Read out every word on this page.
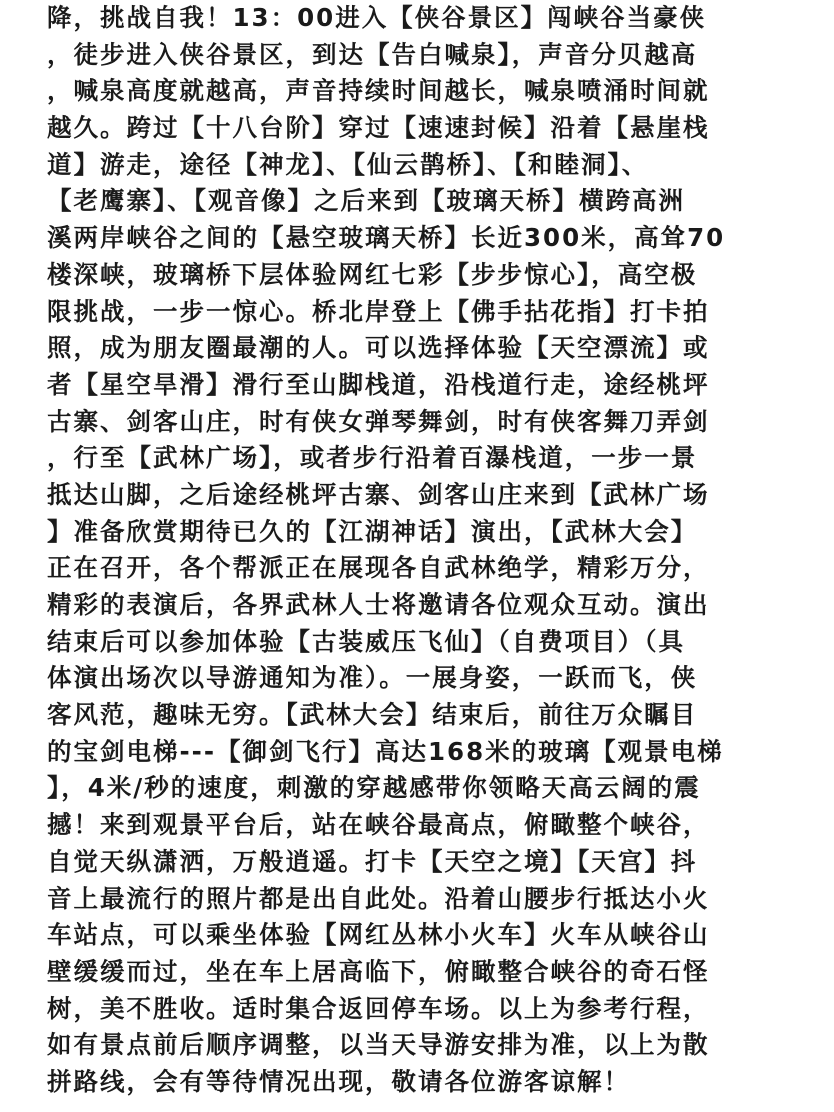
降，挑战自我！13：00进入【侠谷景区】闯峡谷当豪侠
，徒步进入侠谷景区，到达【告白喊泉】，声音分贝越高
，喊泉高度就越高，声音持续时间越长，喊泉喷涌时间就
越久。跨过【十八台阶】穿过【速速封候】沿着【悬崖栈
道】游走，途径【神龙】、【仙云鹊桥】、【和睦洞】、
【老鹰寨】、【观音像】之后来到【玻璃天桥】横跨高洲
溪两岸峡谷之间的【悬空玻璃天桥】长近300米，高耸70
楼深峡，玻璃桥下层体验网红七彩【步步惊心】，高空极
限挑战，一步一惊心。桥北岸登上【佛手拈花指】打卡拍
照，成为朋友圈最潮的人。可以选择体验【天空漂流】或
者【星空旱滑】滑行至山脚栈道，沿栈道行走，途经桃坪
古寨、剑客山庄，时有侠女弹琴舞剑，时有侠客舞刀弄剑
，行至【武林广场】，或者步行沿着百瀑栈道，一步一景
抵达山脚，之后途经桃坪古寨、剑客山庄来到【武林广场
】准备欣赏期待已久的【江湖神话】演出，【武林大会】
正在召开，各个帮派正在展现各自武林绝学，精彩万分，
精彩的表演后，各界武林人士将邀请各位观众互动。演出
结束后可以参加体验【古装威压飞仙】（自费项目）（具
体演出场次以导游通知为准）。一展身姿，一跃而飞，侠
客风范，趣味无穷。【武林大会】结束后，前往万众瞩目
的宝剑电梯---【御剑飞行】高达168米的玻璃【观景电梯
】，4米/秒的速度，刺激的穿越感带你领略天高云阔的震
撼！来到观景平台后，站在峡谷最高点，俯瞰整个峡谷，
自觉天纵潇洒，万般逍遥。打卡【天空之境】【天宫】抖
音上最流行的照片都是出自此处。沿着山腰步行抵达小火
车站点，可以乘坐体验【网红丛林小火车】火车从峡谷山
壁缓缓而过，坐在车上居高临下，俯瞰整合峡谷的奇石怪
树，美不胜收。适时集合返回停车场。以上为参考行程，
如有景点前后顺序调整，以当天导游安排为准，以上为散
拼路线，会有等待情况出现，敬请各位游客谅解！
